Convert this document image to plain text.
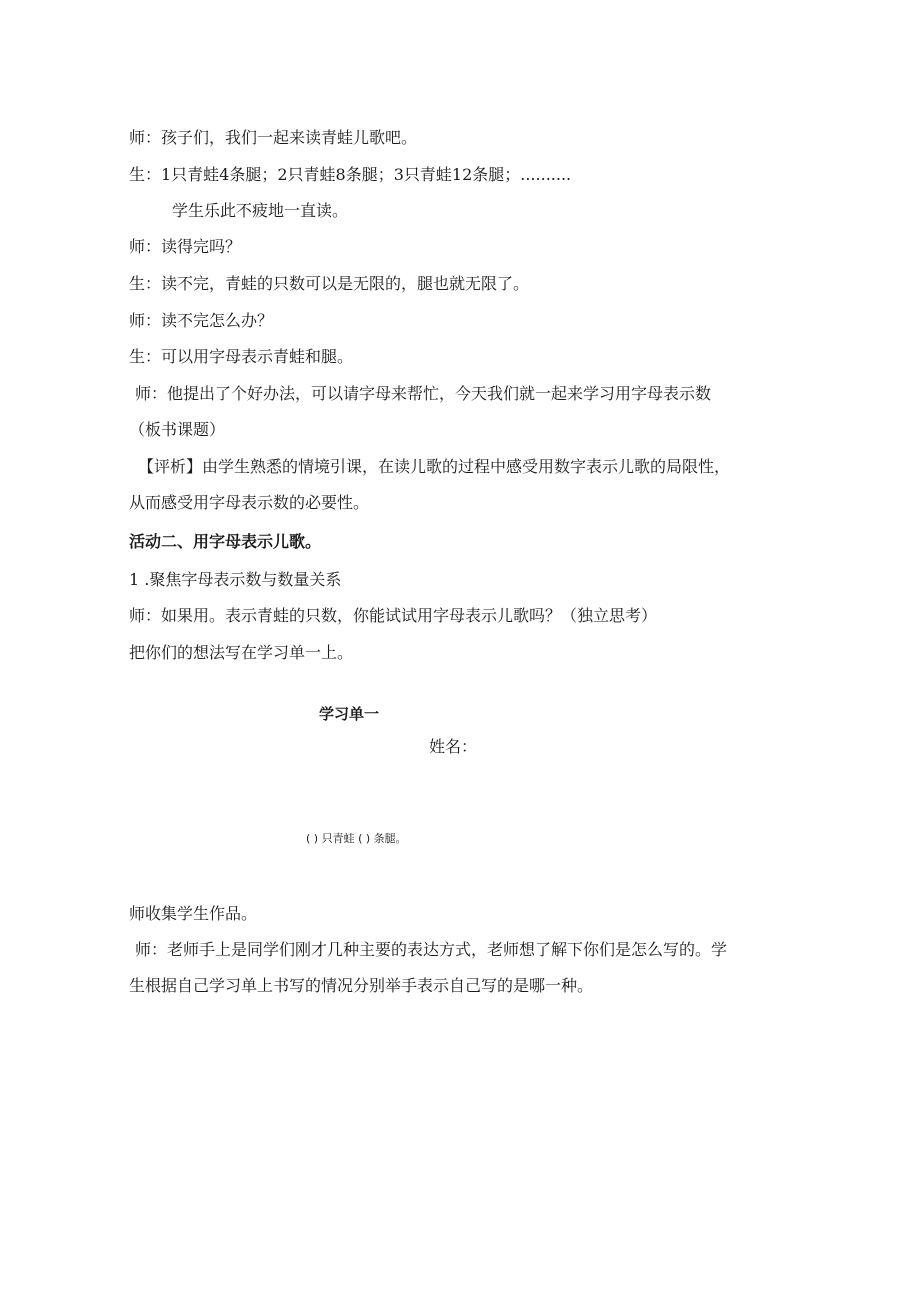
师：孩子们，我们一起来读青蛙儿歌吧。
生：1只青蛙4条腿；2只青蛙8条腿；3只青蛙12条腿；..........
学生乐此不疲地一直读。
师：读得完吗？
生：读不完，青蛙的只数可以是无限的，腿也就无限了。
师：读不完怎么办？
生：可以用字母表示青蛙和腿。
师：他提出了个好办法，可以请字母来帮忙，今天我们就一起来学习用字母表示数
（板书课题）
【评析】由学生熟悉的情境引课，在读儿歌的过程中感受用数字表示儿歌的局限性，
从而感受用字母表示数的必要性。
活动二、用字母表示儿歌。
1 .聚焦字母表示数与数量关系
师：如果用。表示青蛙的只数，你能试试用字母表示儿歌吗？（独立思考）
把你们的想法写在学习单一上。
学习单一
姓名：
( ) 只青蛙 ( ) 条腿。
师收集学生作品。
师：老师手上是同学们刚才几种主要的表达方式，老师想了解下你们是怎么写的。学
生根据自己学习单上书写的情况分别举手表示自己写的是哪一种。
